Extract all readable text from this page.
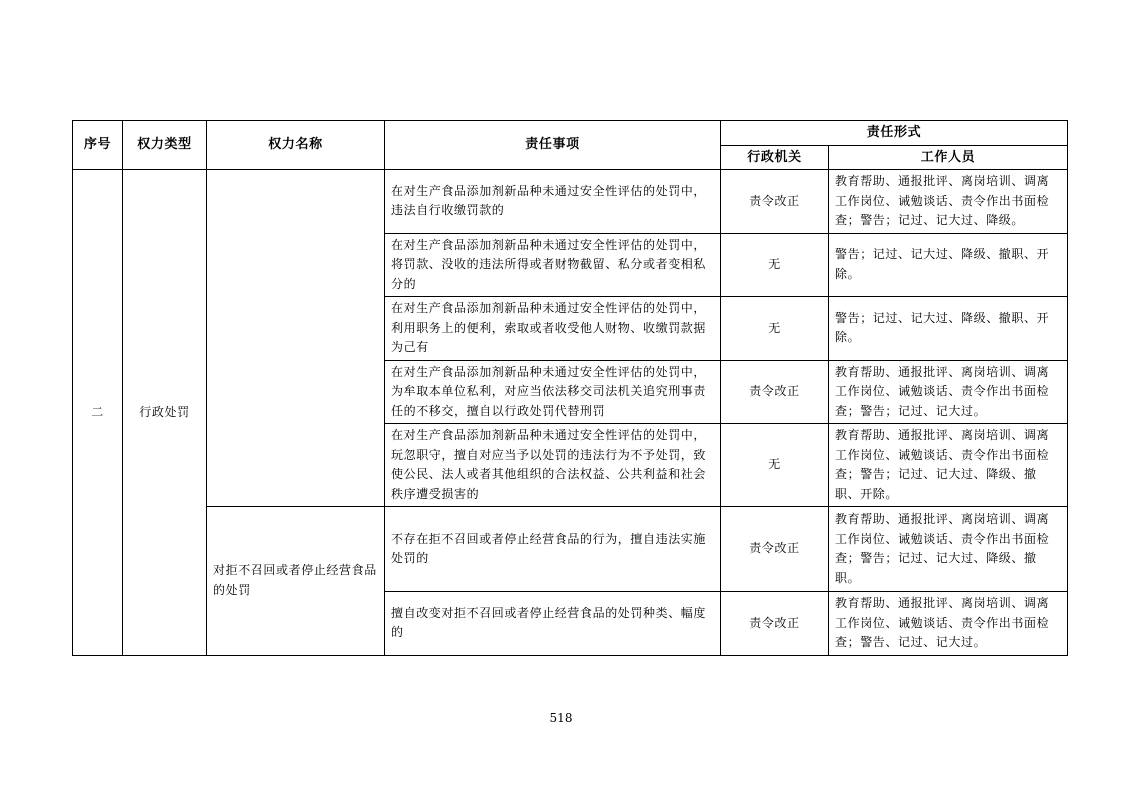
序号	权力类型	权力名称	责任事项	责任形式	
				行政机关	工作人员
二	行政处罚		在对生产食品添加剂新品种未通过安全性评估的处罚中，违法自行收缴罚款的	责令改正	教育帮助、通报批评、离岗培训、调离工作岗位、诫勉谈话、责令作出书面检查；警告；记过、记大过、降级。
			在对生产食品添加剂新品种未通过安全性评估的处罚中，将罚款、没收的违法所得或者财物截留、私分或者变相私分的	无	警告；记过、记大过、降级、撤职、开除。
			在对生产食品添加剂新品种未通过安全性评估的处罚中，利用职务上的便利，索取或者收受他人财物、收缴罚款据为己有	无	警告；记过、记大过、降级、撤职、开除。
			在对生产食品添加剂新品种未通过安全性评估的处罚中，为牟取本单位私利，对应当依法移交司法机关追究刑事责任的不移交，擅自以行政处罚代替刑罚	责令改正	教育帮助、通报批评、离岗培训、调离工作岗位、诫勉谈话、责令作出书面检查；警告；记过、记大过。
			在对生产食品添加剂新品种未通过安全性评估的处罚中，玩忽职守，擅自对应当予以处罚的违法行为不予处罚，致使公民、法人或者其他组织的合法权益、公共利益和社会秩序遭受损害的	无	教育帮助、通报批评、离岗培训、调离工作岗位、诫勉谈话、责令作出书面检查；警告；记过、记大过、降级、撤职、开除。
		对拒不召回或者停止经营食品的处罚	不存在拒不召回或者停止经营食品的行为，擅自违法实施处罚的	责令改正	教育帮助、通报批评、离岗培训、调离工作岗位、诫勉谈话、责令作出书面检查；警告；记过、记大过、降级、撤职。
			擅自改变对拒不召回或者停止经营食品的处罚种类、幅度的	责令改正	教育帮助、通报批评、离岗培训、调离工作岗位、诫勉谈话、责令作出书面检查；警告、记过、记大过。
518
